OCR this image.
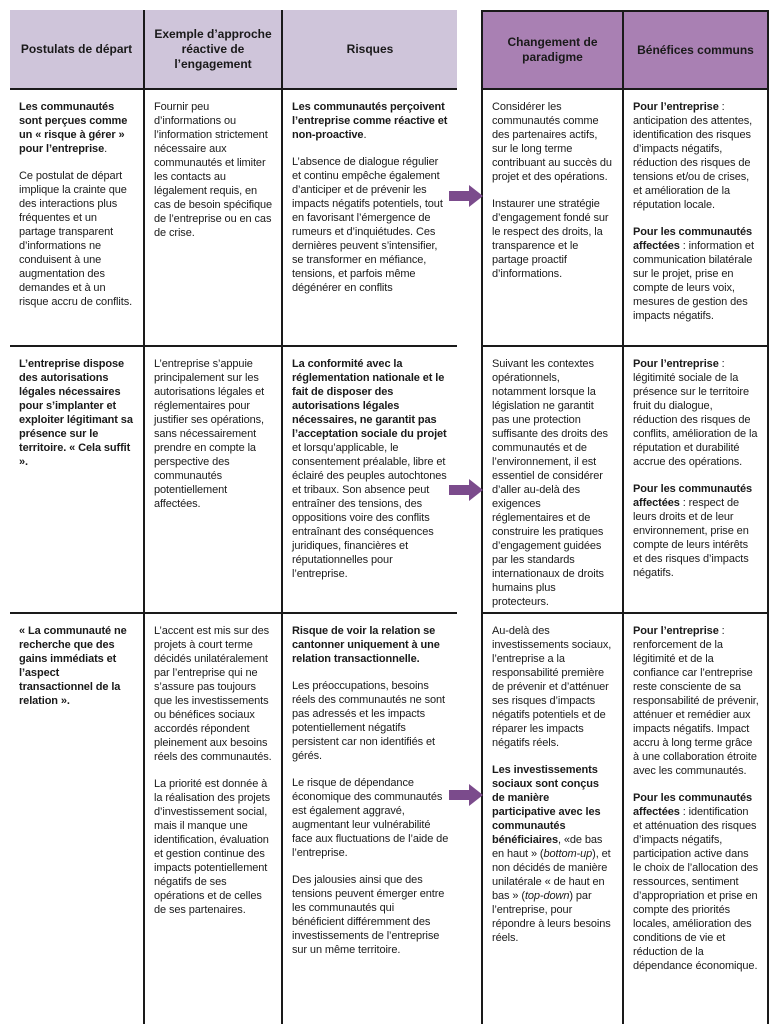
Postulats de départ
Exemple d’approche réactive de l’engagement
Risques	Changement de paradigme
Bénéfices communs

Les communautés sont perçues comme un « risque à gérer » pour l’entreprise.

Ce postulat de départ implique la crainte que des interactions plus fréquentes et un partage transparent d’informations ne conduisent à une augmentation des demandes et à un risque accru de conflits.

Fournir peu d’informations ou l’information strictement nécessaire aux communautés et limiter les contacts au légalement requis, en cas de besoin spécifique de l’entreprise ou en cas de crise.

Les communautés perçoivent l’entreprise comme réactive et non-proactive.

L’absence de dialogue régulier et continu empêche également d’anticiper et de prévenir les impacts négatifs potentiels, tout en favorisant l’émergence de rumeurs et d’inquiétudes. Ces dernières peuvent s’intensifier, se transformer en méfiance, tensions, et parfois même dégénérer en conflits

Considérer les communautés comme des partenaires actifs, sur le long terme contribuant au succès du projet et des opérations.

Instaurer une stratégie d’engagement fondé sur le respect des droits, la transparence et le partage proactif d’informations.

Pour l’entreprise : anticipation des attentes, identification des risques d’impacts négatifs, réduction des risques de tensions et/ou de crises, et amélioration de la réputation locale.

Pour les communautés affectées : information et communication bilatérale sur le projet, prise en compte de leurs voix, mesures de gestion des impacts négatifs.

L’entreprise dispose des autorisations légales nécessaires pour s’implanter et exploiter légitimant sa présence sur le territoire. « Cela suffit ».

L’entreprise s’appuie principalement sur les autorisations légales et réglementaires pour justifier ses opérations, sans nécessairement prendre en compte la perspective des communautés potentiellement affectées.

La conformité avec la réglementation nationale et le fait de disposer des autorisations légales nécessaires, ne garantit pas l’acceptation sociale du projet et lorsqu’applicable, le consentement préalable, libre et éclairé des peuples autochtones et tribaux. Son absence peut entraîner des tensions, des oppositions voire des conflits entraînant des conséquences juridiques, financières et réputationnelles pour l’entreprise.

Suivant les contextes opérationnels, notamment lorsque la législation ne garantit pas une protection suffisante des droits des communautés et de l’environnement, il est essentiel de considérer d’aller au-delà des exigences réglementaires et de construire les pratiques d’engagement guidées par les standards internationaux de droits humains plus protecteurs.

Pour l’entreprise : légitimité sociale de la présence sur le territoire fruit du dialogue, réduction des risques de conflits, amélioration de la réputation et durabilité accrue des opérations.

Pour les communautés affectées : respect de leurs droits et de leur environnement, prise en compte de leurs intérêts et des risques d’impacts négatifs.

« La communauté ne recherche que des gains immédiats et l’aspect transactionnel de la relation ».

L’accent est mis sur des projets à court terme décidés unilatéralement par l’entreprise qui ne s’assure pas toujours que les investissements ou bénéfices sociaux accordés répondent pleinement aux besoins réels des communautés.

La priorité est donnée à la réalisation des projets d’investissement social, mais il manque une identification, évaluation et gestion continue des impacts potentiellement négatifs de ses opérations et de celles de ses partenaires.

Risque de voir la relation se cantonner uniquement à une relation transactionnelle.

Les préoccupations, besoins réels des communautés ne sont pas adressés et les impacts potentiellement négatifs persistent car non identifiés et gérés.

Le risque de dépendance économique des communautés est également aggravé, augmentant leur vulnérabilité face aux fluctuations de l’aide de l’entreprise.

Des jalousies ainsi que des tensions peuvent émerger entre les communautés qui bénéficient différemment des investissements de l’entreprise sur un même territoire.

Au-delà des investissements sociaux, l’entreprise a la responsabilité première de prévenir et d’atténuer ses risques d’impacts négatifs potentiels et de réparer les impacts négatifs réels.

Les investissements sociaux sont conçus de manière participative avec les communautés bénéficiaires, «de bas en haut » (bottom-up), et non décidés de manière unilatérale « de haut en bas » (top-down) par l’entreprise, pour répondre à leurs besoins réels.

Pour l’entreprise : renforcement de la légitimité et de la confiance car l’entreprise reste consciente de sa responsabilité de prévenir, atténuer et remédier aux impacts négatifs. Impact accru à long terme grâce à une collaboration étroite avec les communautés.

Pour les communautés affectées : identification et atténuation des risques d’impacts négatifs, participation active dans le choix de l’allocation des ressources, sentiment d’appropriation et prise en compte des priorités locales, amélioration des conditions de vie et réduction de la dépendance économique.
